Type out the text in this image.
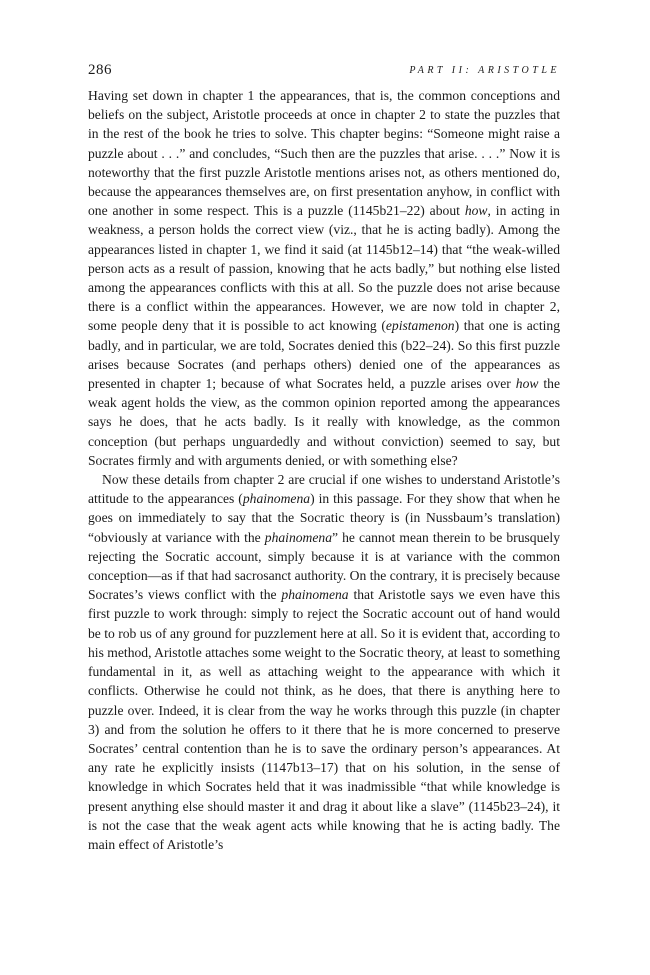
286	PART II: ARISTOTLE

Having set down in chapter 1 the appearances, that is, the common conceptions and beliefs on the subject, Aristotle proceeds at once in chapter 2 to state the puzzles that in the rest of the book he tries to solve. This chapter begins: “Someone might raise a puzzle about . . .” and concludes, “Such then are the puzzles that arise. . . .” Now it is noteworthy that the first puzzle Aristotle mentions arises not, as others mentioned do, because the appearances themselves are, on first presentation anyhow, in conflict with one another in some respect. This is a puzzle (1145b21–22) about how, in acting in weakness, a person holds the correct view (viz., that he is acting badly). Among the appearances listed in chapter 1, we find it said (at 1145b12–14) that “the weak-willed person acts as a result of passion, knowing that he acts badly,” but nothing else listed among the appearances conflicts with this at all. So the puzzle does not arise because there is a conflict within the appearances. However, we are now told in chapter 2, some people deny that it is possible to act knowing (epistamenon) that one is acting badly, and in particular, we are told, Socrates denied this (b22–24). So this first puzzle arises because Socrates (and perhaps others) denied one of the appearances as presented in chapter 1; because of what Socrates held, a puzzle arises over how the weak agent holds the view, as the common opinion reported among the appearances says he does, that he acts badly. Is it really with knowledge, as the common conception (but perhaps unguardedly and without conviction) seemed to say, but Socrates firmly and with arguments denied, or with something else?

Now these details from chapter 2 are crucial if one wishes to understand Aristotle’s attitude to the appearances (phainomena) in this passage. For they show that when he goes on immediately to say that the Socratic theory is (in Nussbaum’s translation) “obviously at variance with the phainomena” he cannot mean therein to be brusquely rejecting the Socratic account, simply because it is at variance with the common conception—as if that had sacrosanct authority. On the contrary, it is precisely because Socrates’s views conflict with the phainomena that Aristotle says we even have this first puzzle to work through: simply to reject the Socratic account out of hand would be to rob us of any ground for puzzlement here at all. So it is evident that, according to his method, Aristotle attaches some weight to the Socratic theory, at least to something fundamental in it, as well as attaching weight to the appearance with which it conflicts. Otherwise he could not think, as he does, that there is anything here to puzzle over. Indeed, it is clear from the way he works through this puzzle (in chapter 3) and from the solution he offers to it there that he is more concerned to preserve Socrates’ central contention than he is to save the ordinary person’s appearances. At any rate he explicitly insists (1147b13–17) that on his solution, in the sense of knowledge in which Socrates held that it was inadmissible “that while knowledge is present anything else should master it and drag it about like a slave” (1145b23–24), it is not the case that the weak agent acts while knowing that he is acting badly. The main effect of Aristotle’s
